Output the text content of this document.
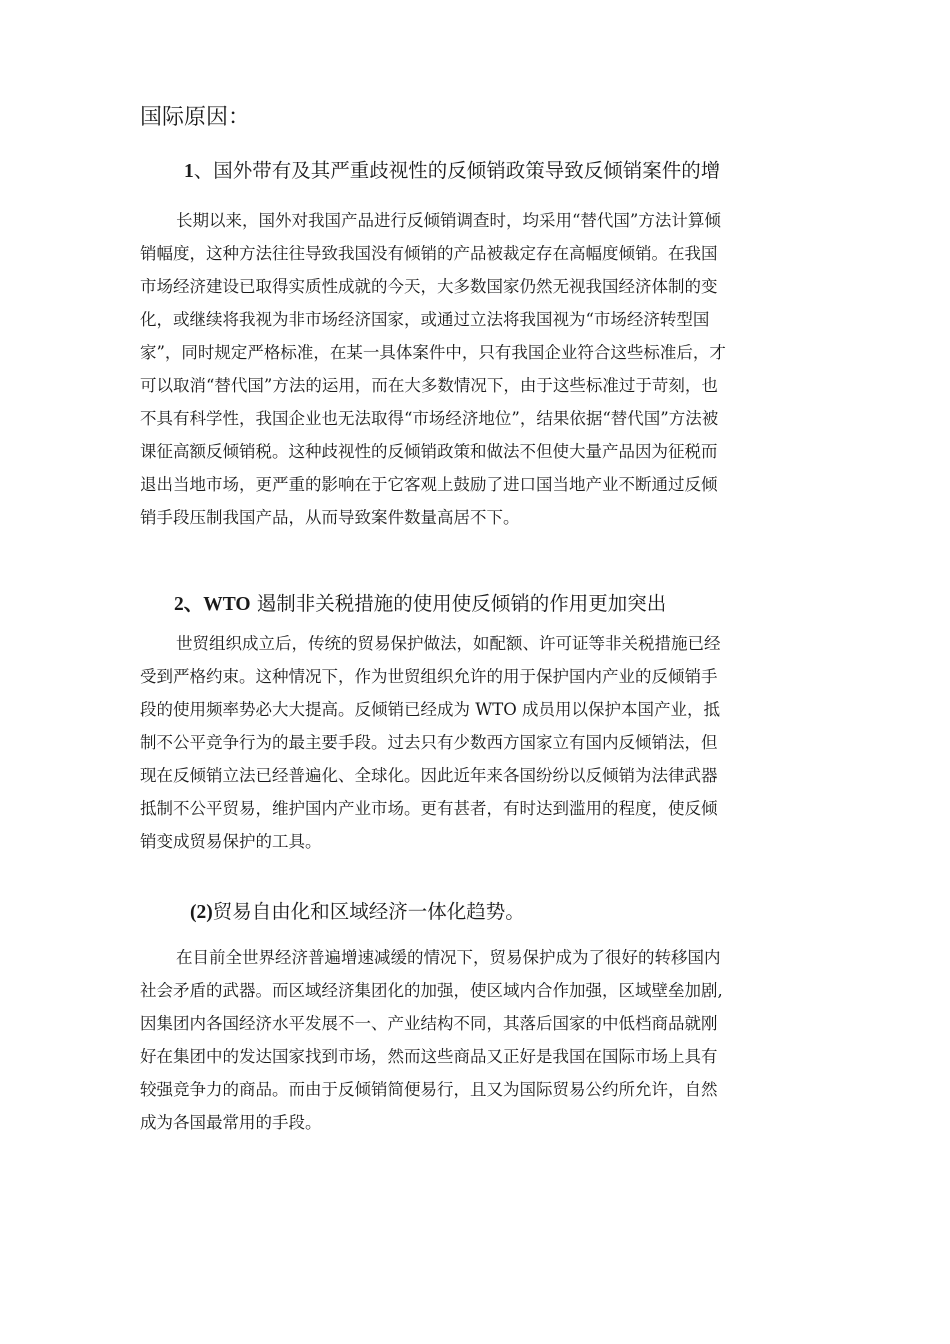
国际原因：
1、国外带有及其严重歧视性的反倾销政策导致反倾销案件的增
长期以来，国外对我国产品进行反倾销调查时，均采用“替代国”方法计算倾
销幅度，这种方法往往导致我国没有倾销的产品被裁定存在高幅度倾销。在我国
市场经济建设已取得实质性成就的今天，大多数国家仍然无视我国经济体制的变
化，或继续将我视为非市场经济国家，或通过立法将我国视为“市场经济转型国
家”，同时规定严格标准，在某一具体案件中，只有我国企业符合这些标准后，才
可以取消“替代国”方法的运用，而在大多数情况下，由于这些标准过于苛刻，也
不具有科学性，我国企业也无法取得“市场经济地位”，结果依据“替代国”方法被
课征高额反倾销税。这种歧视性的反倾销政策和做法不但使大量产品因为征税而
退出当地市场，更严重的影响在于它客观上鼓励了进口国当地产业不断通过反倾
销手段压制我国产品，从而导致案件数量高居不下。
2、WTO 遏制非关税措施的使用使反倾销的作用更加突出
世贸组织成立后，传统的贸易保护做法，如配额、许可证等非关税措施已经
受到严格约束。这种情况下，作为世贸组织允许的用于保护国内产业的反倾销手
段的使用频率势必大大提高。反倾销已经成为 WTO 成员用以保护本国产业，抵
制不公平竞争行为的最主要手段。过去只有少数西方国家立有国内反倾销法，但
现在反倾销立法已经普遍化、全球化。因此近年来各国纷纷以反倾销为法律武器
抵制不公平贸易，维护国内产业市场。更有甚者，有时达到滥用的程度，使反倾
销变成贸易保护的工具。
(2)贸易自由化和区域经济一体化趋势。
在目前全世界经济普遍增速减缓的情况下，贸易保护成为了很好的转移国内
社会矛盾的武器。而区域经济集团化的加强，使区域内合作加强，区域壁垒加剧,
因集团内各国经济水平发展不一、产业结构不同，其落后国家的中低档商品就刚
好在集团中的发达国家找到市场，然而这些商品又正好是我国在国际市场上具有
较强竞争力的商品。而由于反倾销简便易行，且又为国际贸易公约所允许，自然
成为各国最常用的手段。
